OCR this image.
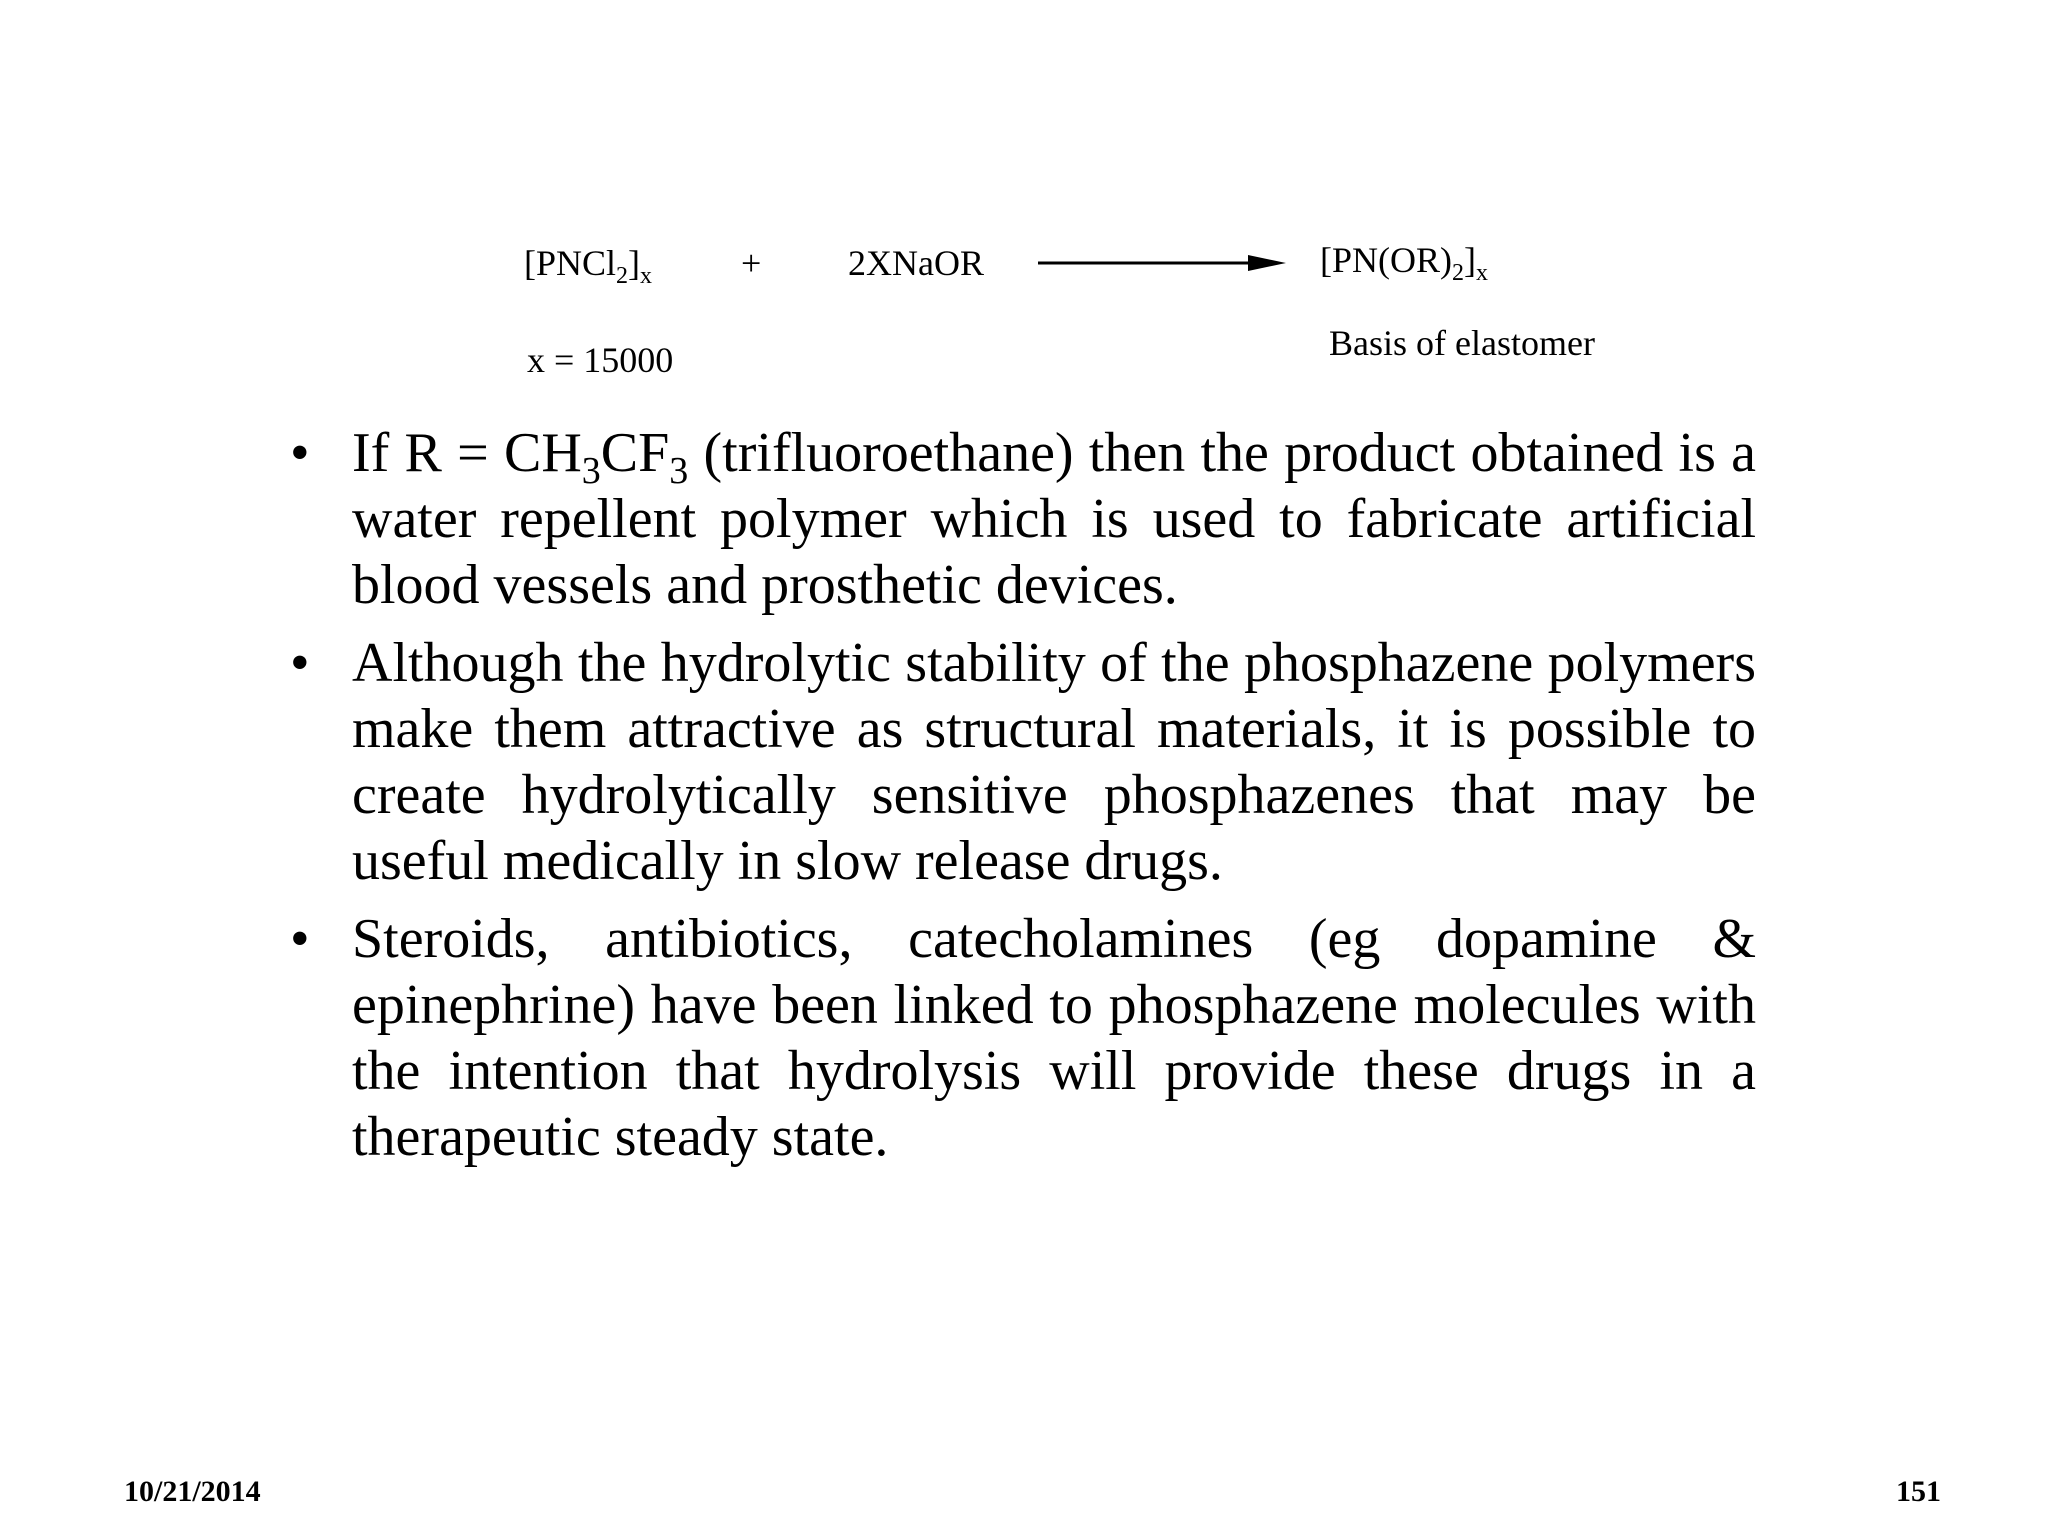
$[PNCl_2]_x$ + 2XNaOR	$[PN(OR)_2]_x$
x = 15000	Basis of elastomer
• If $R = CH_3CF_3$ (trifluoroethane) then the product obtained is a water repellent polymer which is used to fabricate artificial blood vessels and prosthetic devices.
• Although the hydrolytic stability of the phosphazene polymers make them attractive as structural materials, it is possible to create hydrolytically sensitive phosphazenes that may be useful medically in slow release drugs.
• Steroids, antibiotics, catecholamines (eg dopamine & epinephrine) have been linked to phosphazene molecules with the intention that hydrolysis will provide these drugs in a therapeutic steady state.
10/21/2014	151
